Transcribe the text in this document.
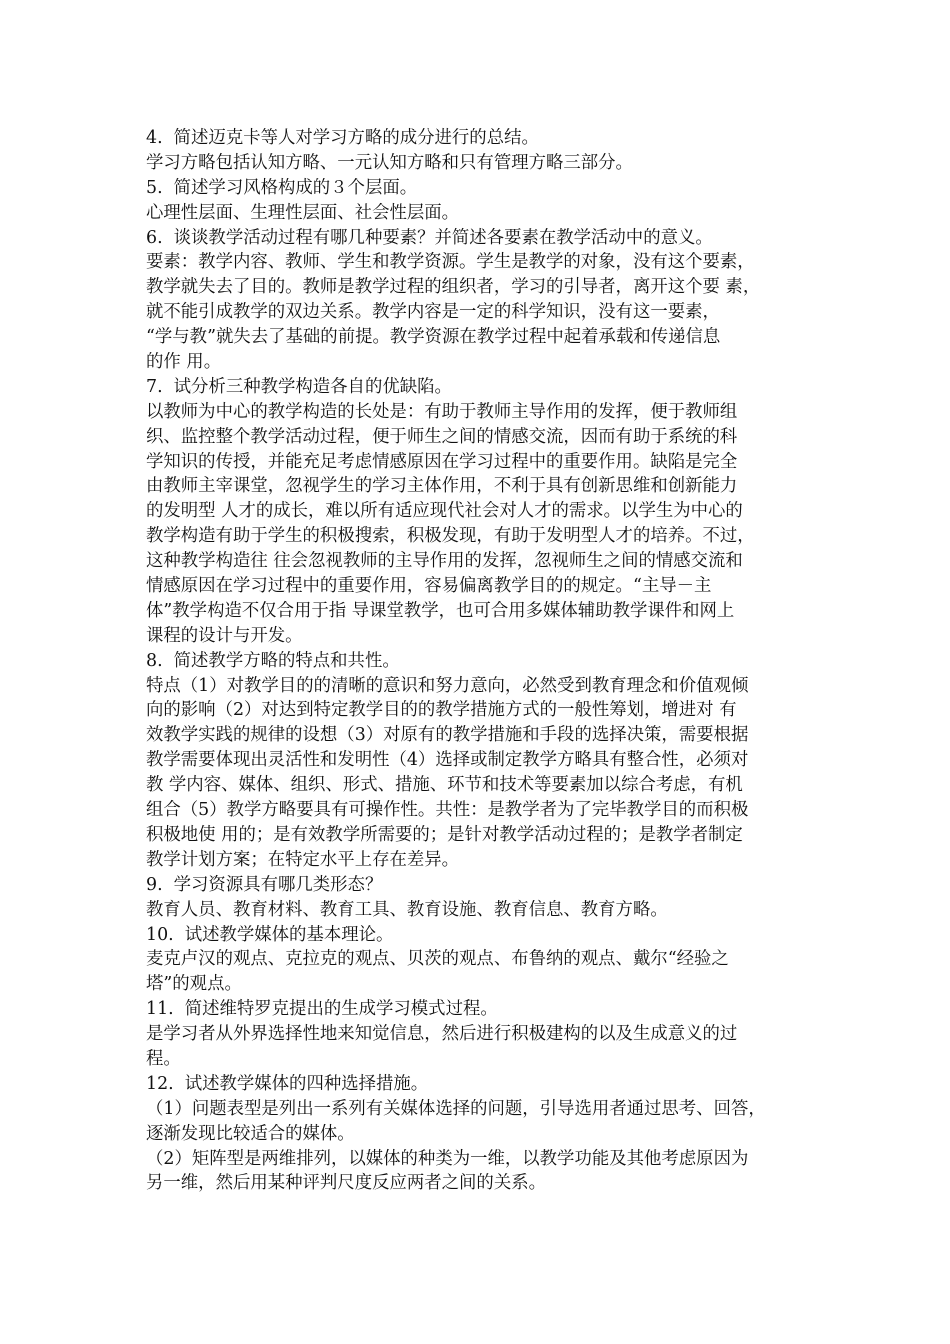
4.  简述迈克卡等人对学习方略的成分进行的总结。
学习方略包括认知方略、一元认知方略和只有管理方略三部分。
5.  简述学习风格构成的３个层面。
心理性层面、生理性层面、社会性层面。
6.  谈谈教学活动过程有哪几种要素？并简述各要素在教学活动中的意义。
要素：教学内容、教师、学生和教学资源。学生是教学的对象，没有这个要素，
教学就失去了目的。教师是教学过程的组织者，学习的引导者，离开这个要 素，
就不能引成教学的双边关系。教学内容是一定的科学知识，没有这一要素，
“学与教”就失去了基础的前提。教学资源在教学过程中起着承载和传递信息
的作 用。
7.  试分析三种教学构造各自的优缺陷。
以教师为中心的教学构造的长处是：有助于教师主导作用的发挥，便于教师组
织、监控整个教学活动过程，便于师生之间的情感交流，因而有助于系统的科
学知识的传授，并能充足考虑情感原因在学习过程中的重要作用。缺陷是完全
由教师主宰课堂，忽视学生的学习主体作用，不利于具有创新思维和创新能力
的发明型 人才的成长，难以所有适应现代社会对人才的需求。以学生为中心的
教学构造有助于学生的积极搜索，积极发现，有助于发明型人才的培养。不过，
这种教学构造往 往会忽视教师的主导作用的发挥，忽视师生之间的情感交流和
情感原因在学习过程中的重要作用，容易偏离教学目的的规定。“主导－主
体”教学构造不仅合用于指 导课堂教学，也可合用多媒体辅助教学课件和网上
课程的设计与开发。
8.  简述教学方略的特点和共性。
特点（1）对教学目的的清晰的意识和努力意向，必然受到教育理念和价值观倾
向的影响（2）对达到特定教学目的的教学措施方式的一般性筹划，增进对 有
效教学实践的规律的设想（3）对原有的教学措施和手段的选择决策，需要根据
教学需要体现出灵活性和发明性（4）选择或制定教学方略具有整合性，必须对
教 学内容、媒体、组织、形式、措施、环节和技术等要素加以综合考虑，有机
组合（5）教学方略要具有可操作性。共性：是教学者为了完毕教学目的而积极
积极地使 用的；是有效教学所需要的；是针对教学活动过程的；是教学者制定
教学计划方案；在特定水平上存在差异。
9.  学习资源具有哪几类形态？
教育人员、教育材料、教育工具、教育设施、教育信息、教育方略。
10.  试述教学媒体的基本理论。
麦克卢汉的观点、克拉克的观点、贝茨的观点、布鲁纳的观点、戴尔“经验之
塔”的观点。
11.  简述维特罗克提出的生成学习模式过程。
是学习者从外界选择性地来知觉信息，然后进行积极建构的以及生成意义的过
程。
12.  试述教学媒体的四种选择措施。
（1）问题表型是列出一系列有关媒体选择的问题，引导选用者通过思考、回答，
逐渐发现比较适合的媒体。
（2）矩阵型是两维排列，以媒体的种类为一维，以教学功能及其他考虑原因为
另一维，然后用某种评判尺度反应两者之间的关系。
